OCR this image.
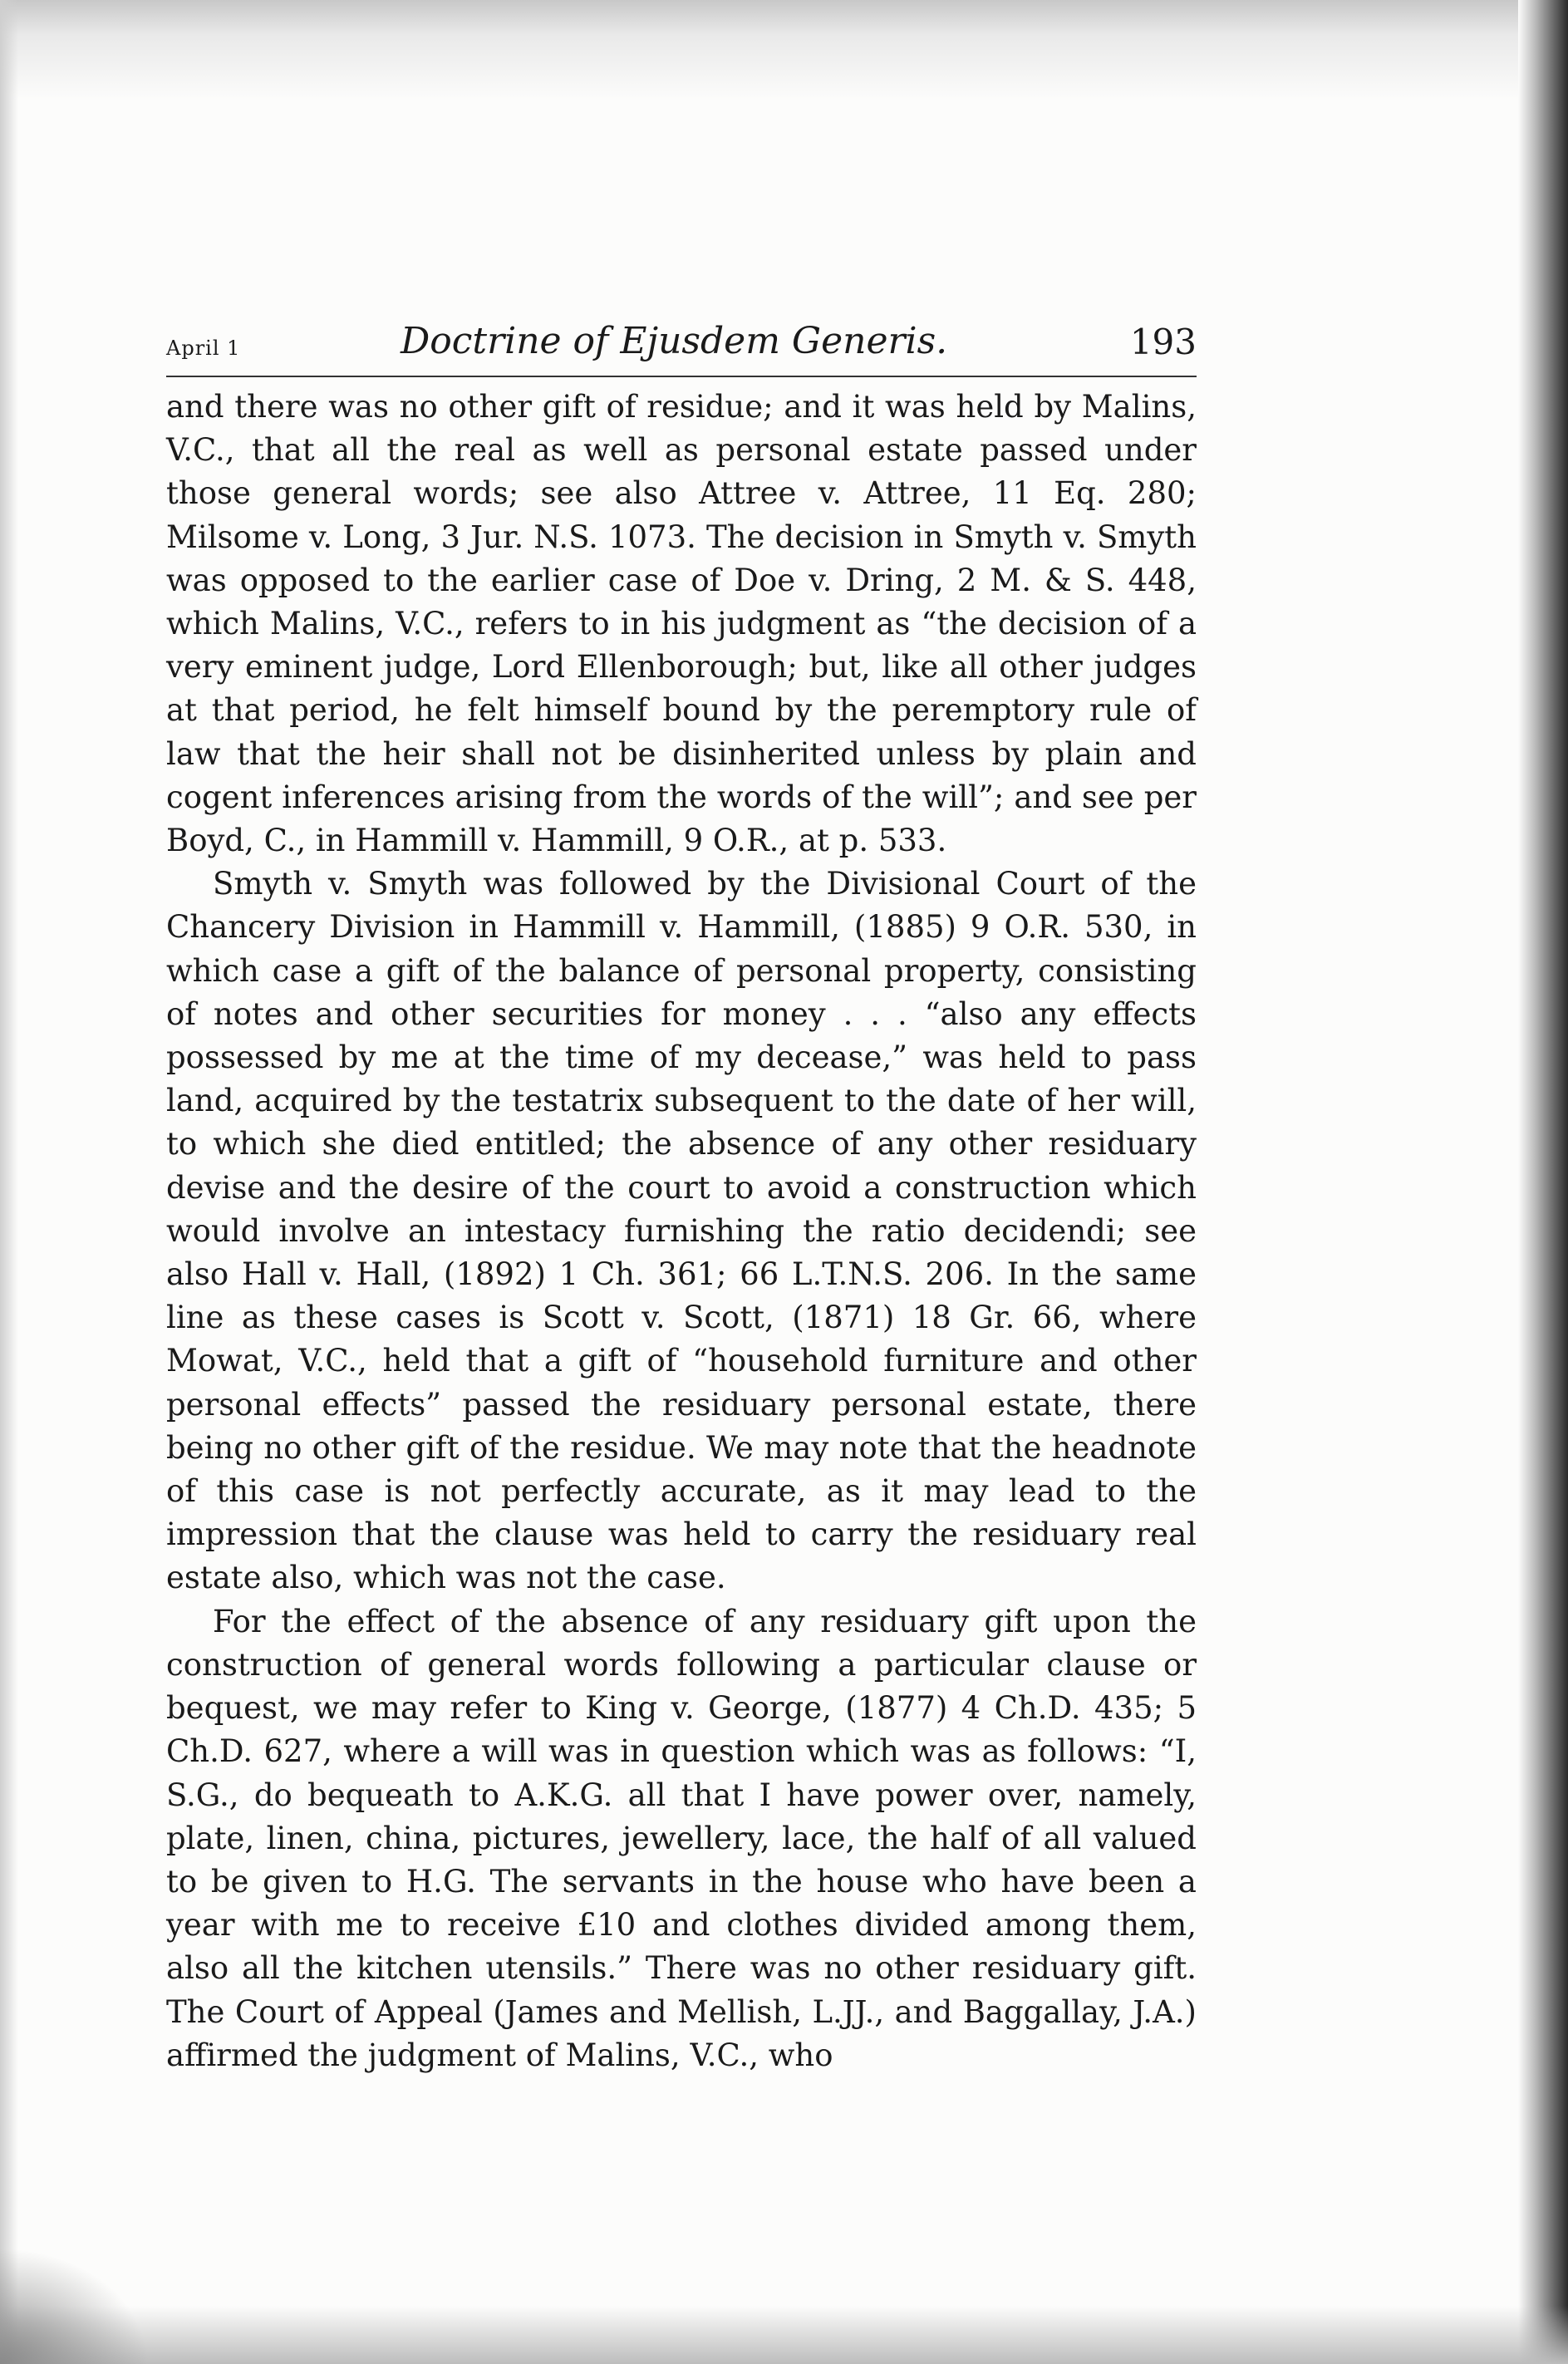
April 1	Doctrine of Ejusdem Generis.	193

and there was no other gift of residue; and it was held by Malins, V.C., that all the real as well as personal estate passed under those general words; see also Attree v. Attree, 11 Eq. 280; Milsome v. Long, 3 Jur. N.S. 1073. The decision in Smyth v. Smyth was opposed to the earlier case of Doe v. Dring, 2 M. & S. 448, which Malins, V.C., refers to in his judgment as “the decision of a very eminent judge, Lord Ellenborough; but, like all other judges at that period, he felt himself bound by the peremptory rule of law that the heir shall not be disinherited unless by plain and cogent inferences arising from the words of the will”; and see per Boyd, C., in Hammill v. Hammill, 9 O.R., at p. 533.

Smyth v. Smyth was followed by the Divisional Court of the Chancery Division in Hammill v. Hammill, (1885) 9 O.R. 530, in which case a gift of the balance of personal property, consisting of notes and other securities for money . . . “also any effects possessed by me at the time of my decease,” was held to pass land, acquired by the testatrix subsequent to the date of her will, to which she died entitled; the absence of any other residuary devise and the desire of the court to avoid a construction which would involve an intestacy furnishing the ratio decidendi; see also Hall v. Hall, (1892) 1 Ch. 361; 66 L.T.N.S. 206. In the same line as these cases is Scott v. Scott, (1871) 18 Gr. 66, where Mowat, V.C., held that a gift of “household furniture and other personal effects” passed the residuary personal estate, there being no other gift of the residue. We may note that the headnote of this case is not perfectly accurate, as it may lead to the impression that the clause was held to carry the residuary real estate also, which was not the case.

For the effect of the absence of any residuary gift upon the construction of general words following a particular clause or bequest, we may refer to King v. George, (1877) 4 Ch.D. 435; 5 Ch.D. 627, where a will was in question which was as follows: “I, S.G., do bequeath to A.K.G. all that I have power over, namely, plate, linen, china, pictures, jewellery, lace, the half of all valued to be given to H.G. The servants in the house who have been a year with me to receive £10 and clothes divided among them, also all the kitchen utensils.” There was no other residuary gift. The Court of Appeal (James and Mellish, L.JJ., and Baggallay, J.A.) affirmed the judgment of Malins, V.C., who
